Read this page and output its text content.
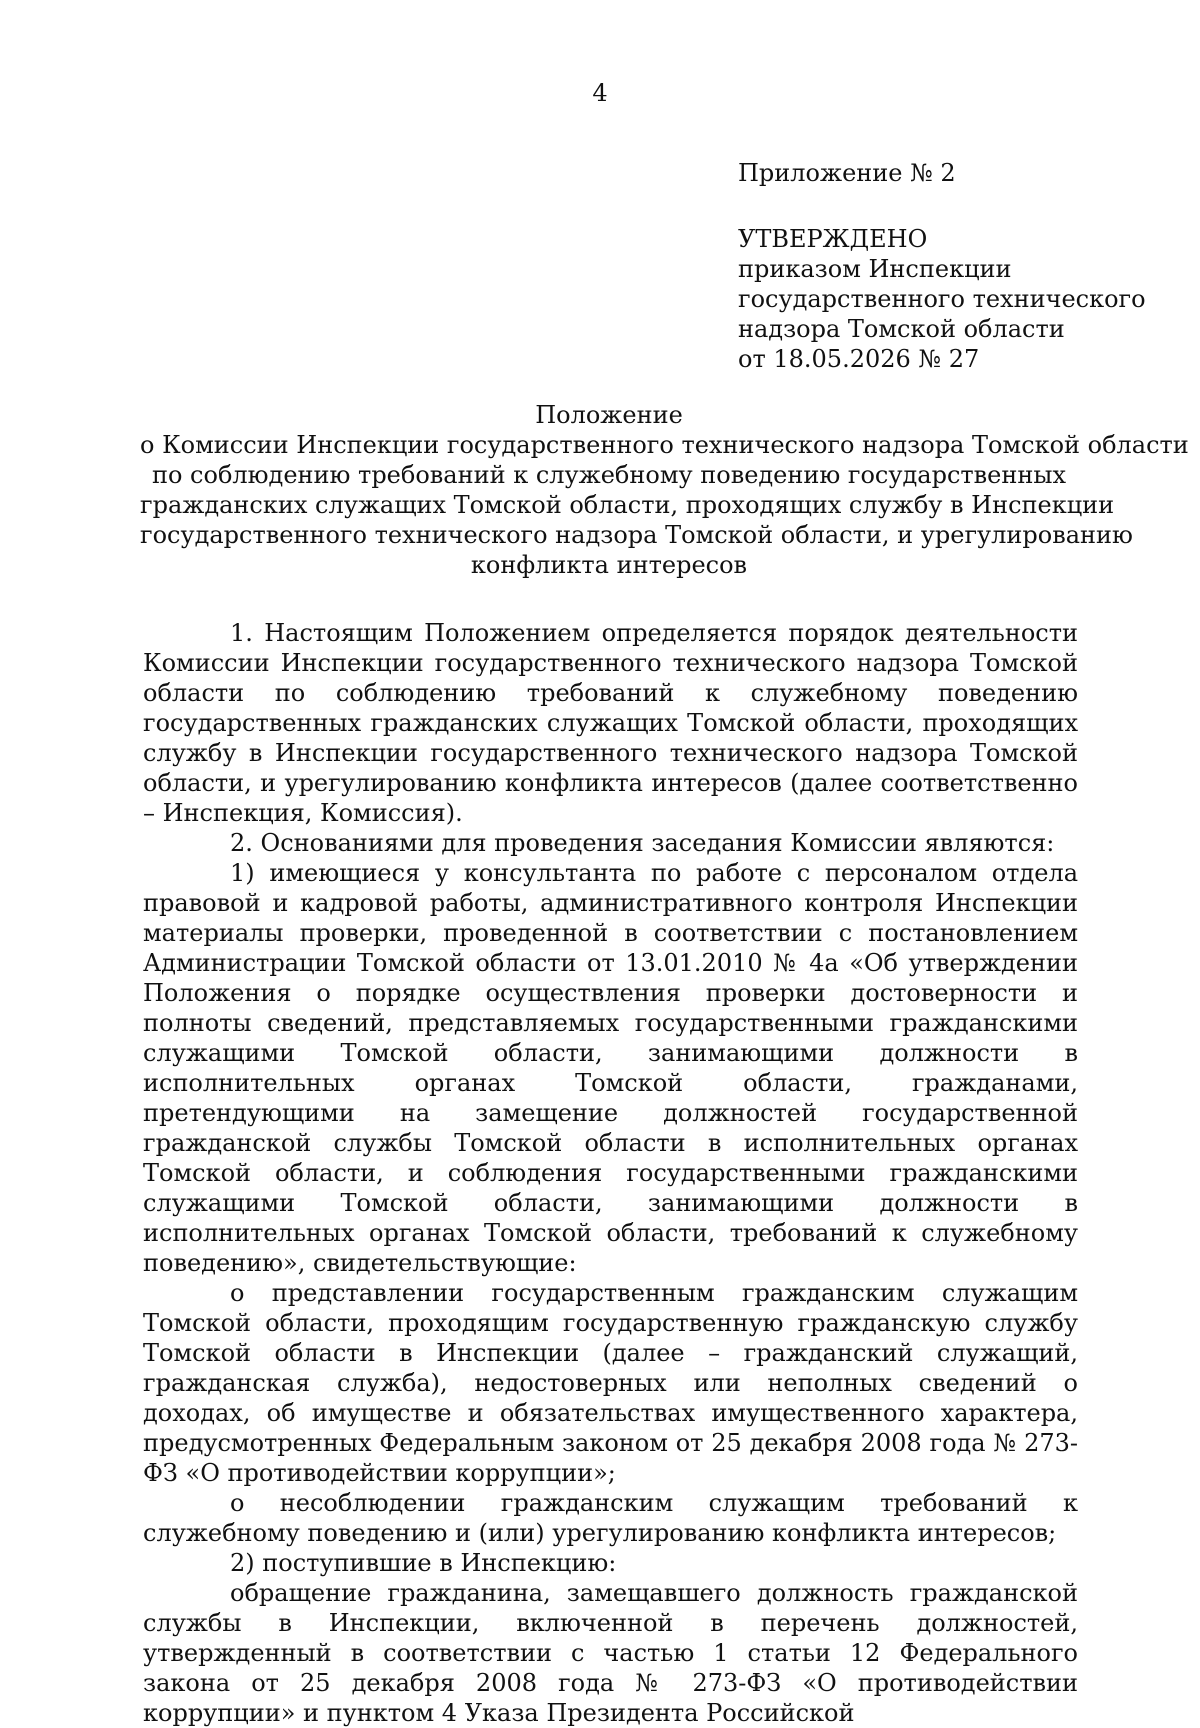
4
Приложение № 2
УТВЕРЖДЕНО
приказом Инспекции
государственного технического
надзора Томской области
от 18.05.2026 № 27
Положение
о Комиссии Инспекции государственного технического надзора Томской области
по соблюдению требований к служебному поведению государственных
гражданских служащих Томской области, проходящих службу в Инспекции
государственного технического надзора Томской области, и урегулированию
конфликта интересов

1. Настоящим Положением определяется порядок деятельности Комиссии Инспекции государственного технического надзора Томской области по соблюдению требований к служебному поведению государственных гражданских служащих Томской области, проходящих службу в Инспекции государственного технического надзора Томской области, и урегулированию конфликта интересов (далее соответственно – Инспекция, Комиссия).

2. Основаниями для проведения заседания Комиссии являются:

1) имеющиеся у консультанта по работе с персоналом отдела правовой и кадровой работы, административного контроля Инспекции материалы проверки, проведенной в соответствии с постановлением Администрации Томской области от 13.01.2010 № 4а «Об утверждении Положения о порядке осуществления проверки достоверности и полноты сведений, представляемых государственными гражданскими служащими Томской области, занимающими должности в исполнительных органах Томской области, гражданами, претендующими на замещение должностей государственной гражданской службы Томской области в исполнительных органах Томской области, и соблюдения государственными гражданскими служащими Томской области, занимающими должности в исполнительных органах Томской области, требований к служебному поведению», свидетельствующие:

о представлении государственным гражданским служащим Томской области, проходящим государственную гражданскую службу Томской области в Инспекции (далее – гражданский служащий, гражданская служба), недостоверных или неполных сведений о доходах, об имуществе и обязательствах имущественного характера, предусмотренных Федеральным законом от 25 декабря 2008 года № 273-ФЗ «О противодействии коррупции»;

о несоблюдении гражданским служащим требований к служебному поведению и (или) урегулированию конфликта интересов;

2) поступившие в Инспекцию:

обращение гражданина, замещавшего должность гражданской службы в Инспекции, включенной в перечень должностей, утвержденный в соответствии с частью 1 статьи 12 Федерального закона от 25 декабря 2008 года № 273-ФЗ «О противодействии коррупции» и пунктом 4 Указа Президента Российской
